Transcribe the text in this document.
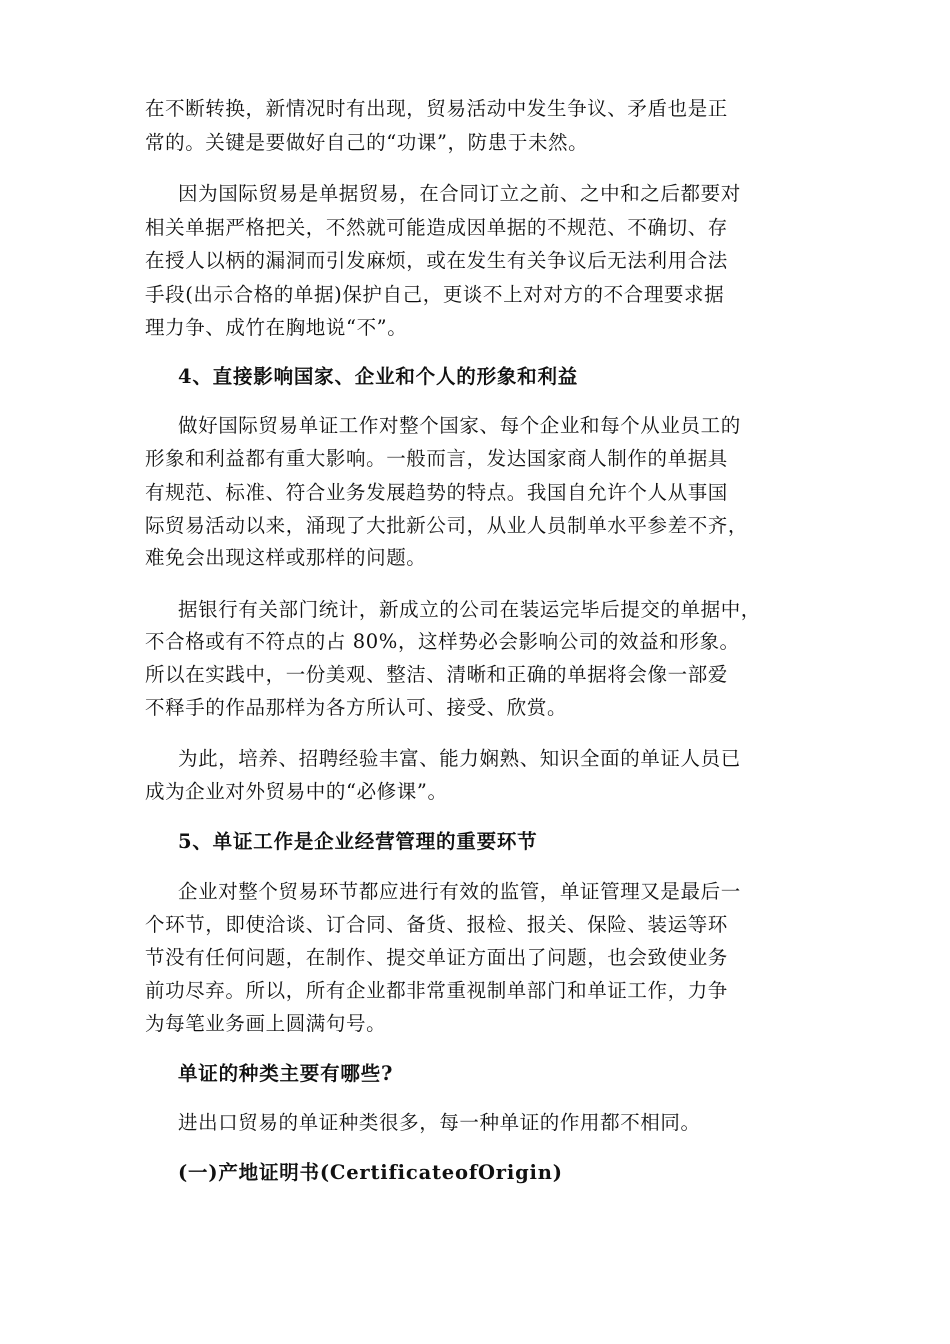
在不断转换，新情况时有出现，贸易活动中发生争议、矛盾也是正
常的。关键是要做好自己的“功课”，防患于未然。
因为国际贸易是单据贸易，在合同订立之前、之中和之后都要对
相关单据严格把关，不然就可能造成因单据的不规范、不确切、存
在授人以柄的漏洞而引发麻烦，或在发生有关争议后无法利用合法
手段(出示合格的单据)保护自己，更谈不上对对方的不合理要求据
理力争、成竹在胸地说“不”。
4、直接影响国家、企业和个人的形象和利益
做好国际贸易单证工作对整个国家、每个企业和每个从业员工的
形象和利益都有重大影响。一般而言，发达国家商人制作的单据具
有规范、标准、符合业务发展趋势的特点。我国自允许个人从事国
际贸易活动以来，涌现了大批新公司，从业人员制单水平参差不齐，
难免会出现这样或那样的问题。
据银行有关部门统计，新成立的公司在装运完毕后提交的单据中，
不合格或有不符点的占 80%，这样势必会影响公司的效益和形象。
所以在实践中，一份美观、整洁、清晰和正确的单据将会像一部爱
不释手的作品那样为各方所认可、接受、欣赏。
为此，培养、招聘经验丰富、能力娴熟、知识全面的单证人员已
成为企业对外贸易中的“必修课”。
5、单证工作是企业经营管理的重要环节
企业对整个贸易环节都应进行有效的监管，单证管理又是最后一
个环节，即使洽谈、订合同、备货、报检、报关、保险、装运等环
节没有任何问题，在制作、提交单证方面出了问题，也会致使业务
前功尽弃。所以，所有企业都非常重视制单部门和单证工作，力争
为每笔业务画上圆满句号。
单证的种类主要有哪些?
进出口贸易的单证种类很多，每一种单证的作用都不相同。
(一)产地证明书(CertificateofOrigin)
